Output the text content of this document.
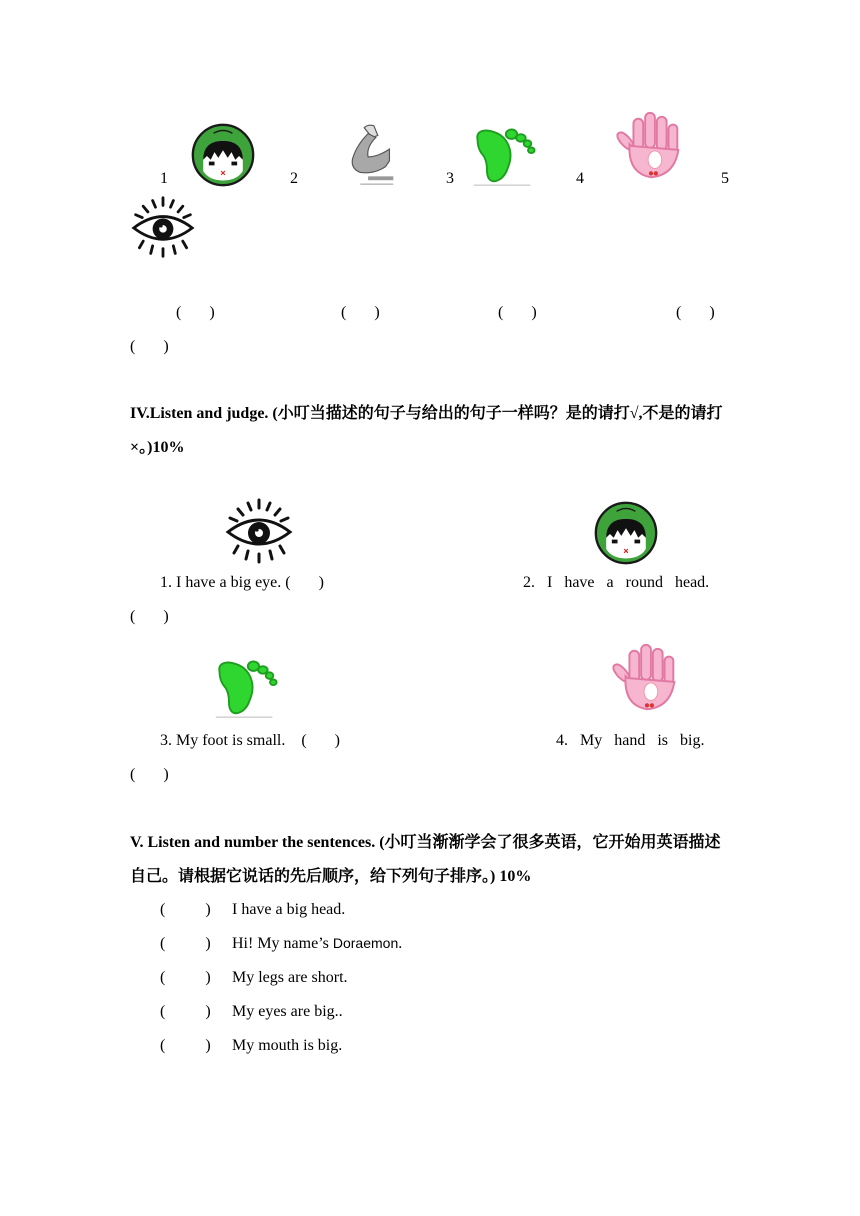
1	2	3	4	5
(       )	(       )	(       )	(       )
(       )
IV.Listen and judge. (小叮当描述的句子与给出的句子一样吗？是的请打√,不是的请打×。)10%
1. I have a big eye. (       )	2.   I   have   a   round   head.
(       )
3. My foot is small.    (       )	4.   My   hand   is   big.
(       )
V. Listen and number the sentences. (小叮当渐渐学会了很多英语，它开始用英语描述自己。请根据它说话的先后顺序，给下列句子排序。) 10%
(          ) I have a big head.
(          ) Hi! My name’s Doraemon.
(          ) My legs are short.
(          ) My eyes are big..
(          ) My mouth is big.
